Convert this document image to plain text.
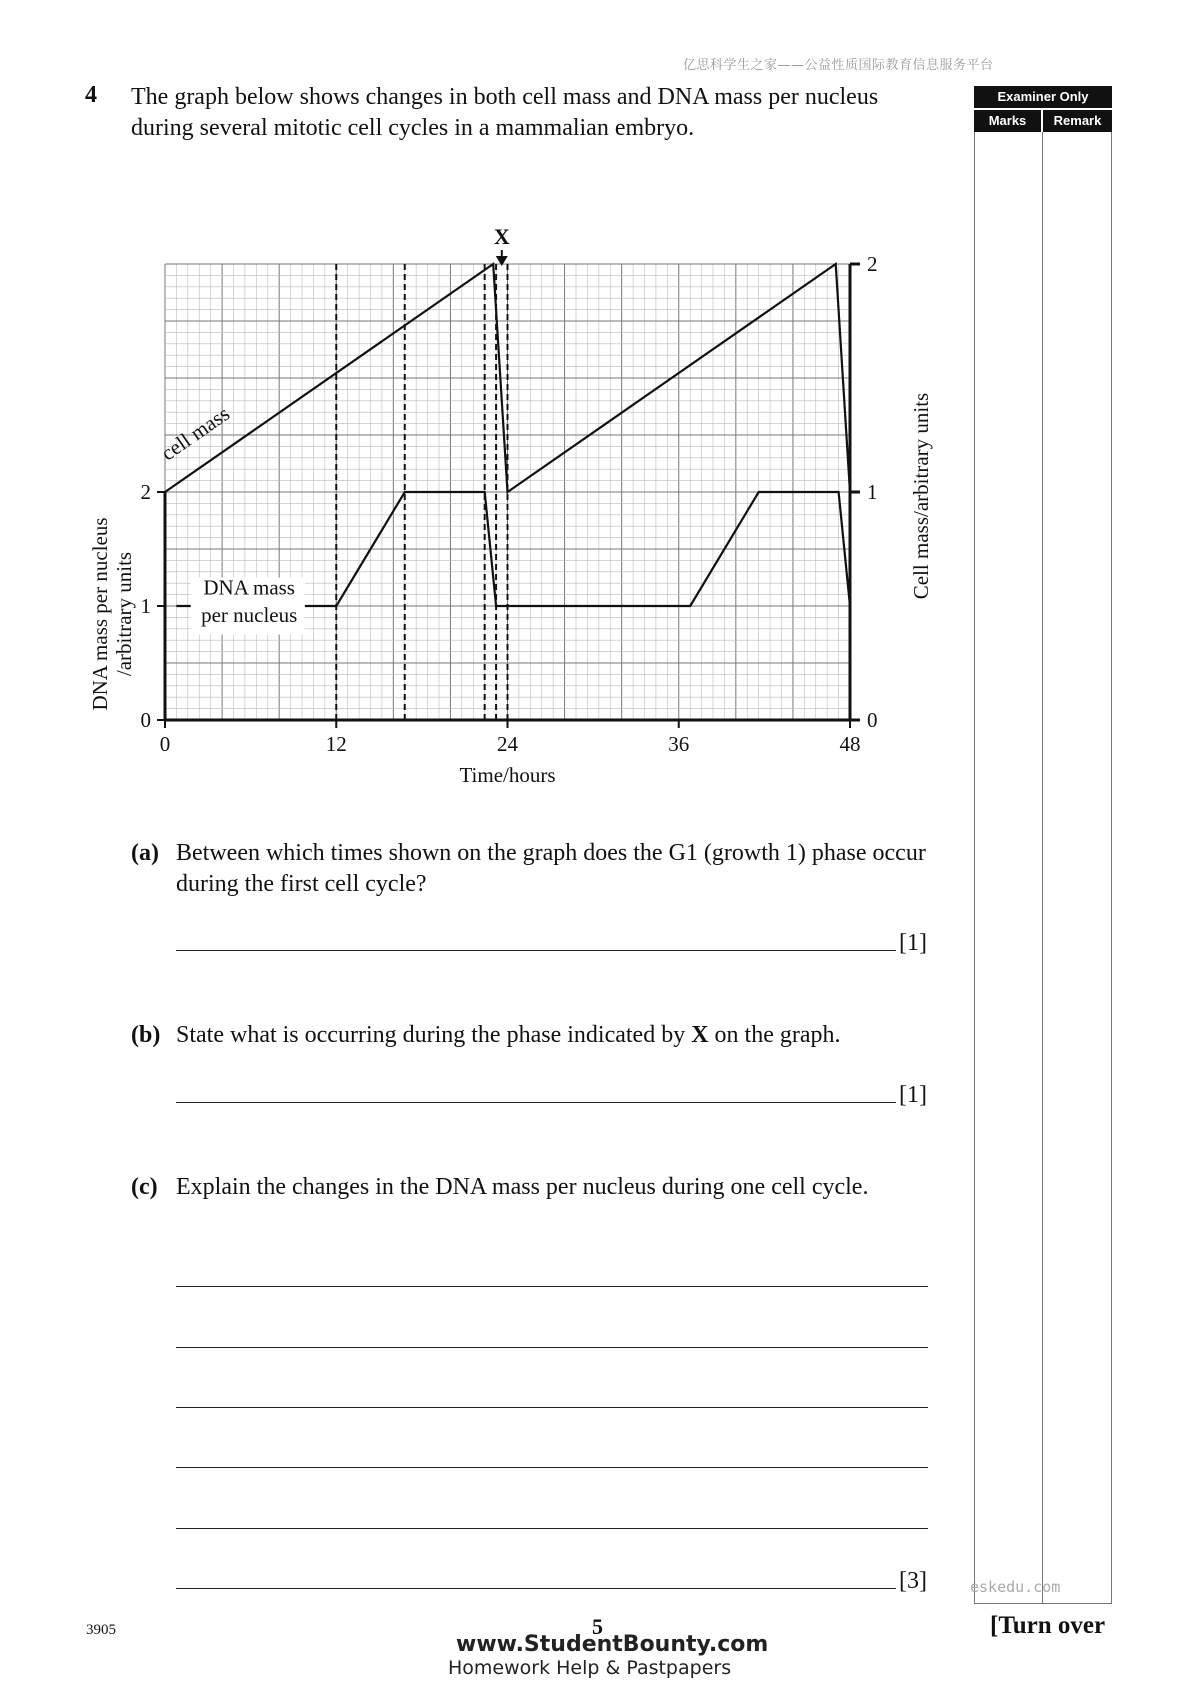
亿思科学生之家——公益性质国际教育信息服务平台
4 The graph below shows changes in both cell mass and DNA mass per nucleus during several mitotic cell cycles in a mammalian embryo.
0	12	24	36	48
0
1
2
0
1
2
Time/hours
DNA mass per nucleus /arbitrary units
Cell mass/arbitrary units
cell mass
DNA mass
per nucleus
X
(a) Between which times shown on the graph does the G1 (growth 1) phase occur during the first cell cycle?
[1]
(b) State what is occurring during the phase indicated by X on the graph.
[1]
(c) Explain the changes in the DNA mass per nucleus during one cell cycle.
[3]
Examiner Only
Marks	Remark
eskedu.com
3905	5	[Turn over
www.StudentBounty.com
Homework Help & Pastpapers
